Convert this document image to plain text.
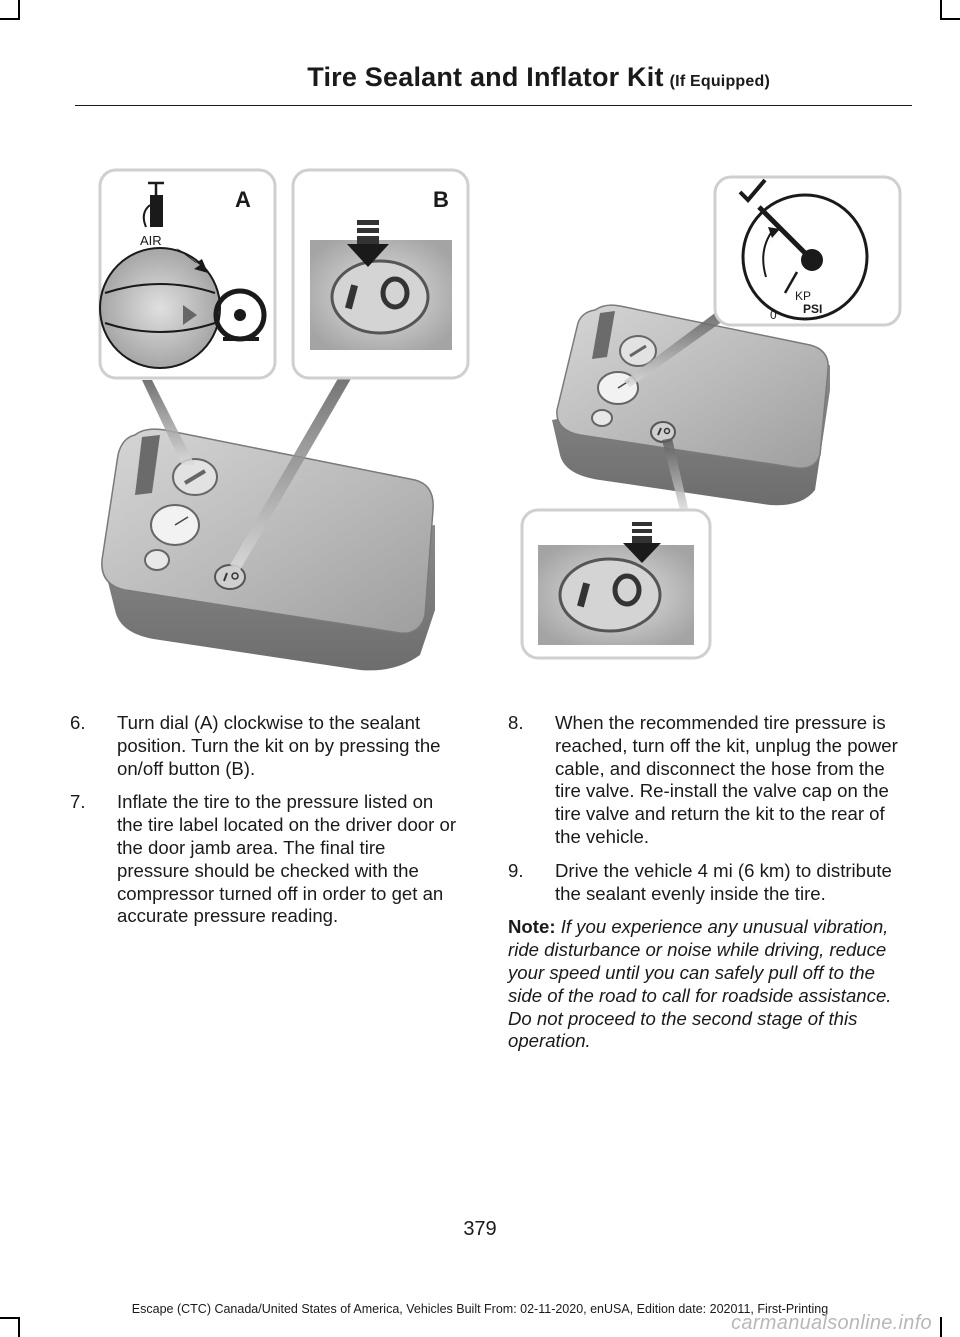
Tire Sealant and Inflator Kit (If Equipped)
AIR
A	B
KP
PSI
0
6.	Turn dial (A) clockwise to the sealant position. Turn the kit on by pressing the on/off button (B).
7.	Inflate the tire to the pressure listed on the tire label located on the driver door or the door jamb area. The final tire pressure should be checked with the compressor turned off in order to get an accurate pressure reading.
8.	When the recommended tire pressure is reached, turn off the kit, unplug the power cable, and disconnect the hose from the tire valve. Re-install the valve cap on the tire valve and return the kit to the rear of the vehicle.
9.	Drive the vehicle 4 mi (6 km) to distribute the sealant evenly inside the tire.
Note: If you experience any unusual vibration, ride disturbance or noise while driving, reduce your speed until you can safely pull off to the side of the road to call for roadside assistance. Do not proceed to the second stage of this operation.
379
Escape (CTC) Canada/United States of America, Vehicles Built From: 02-11-2020, enUSA, Edition date: 202011, First-Printing
carmanualsonline.info
